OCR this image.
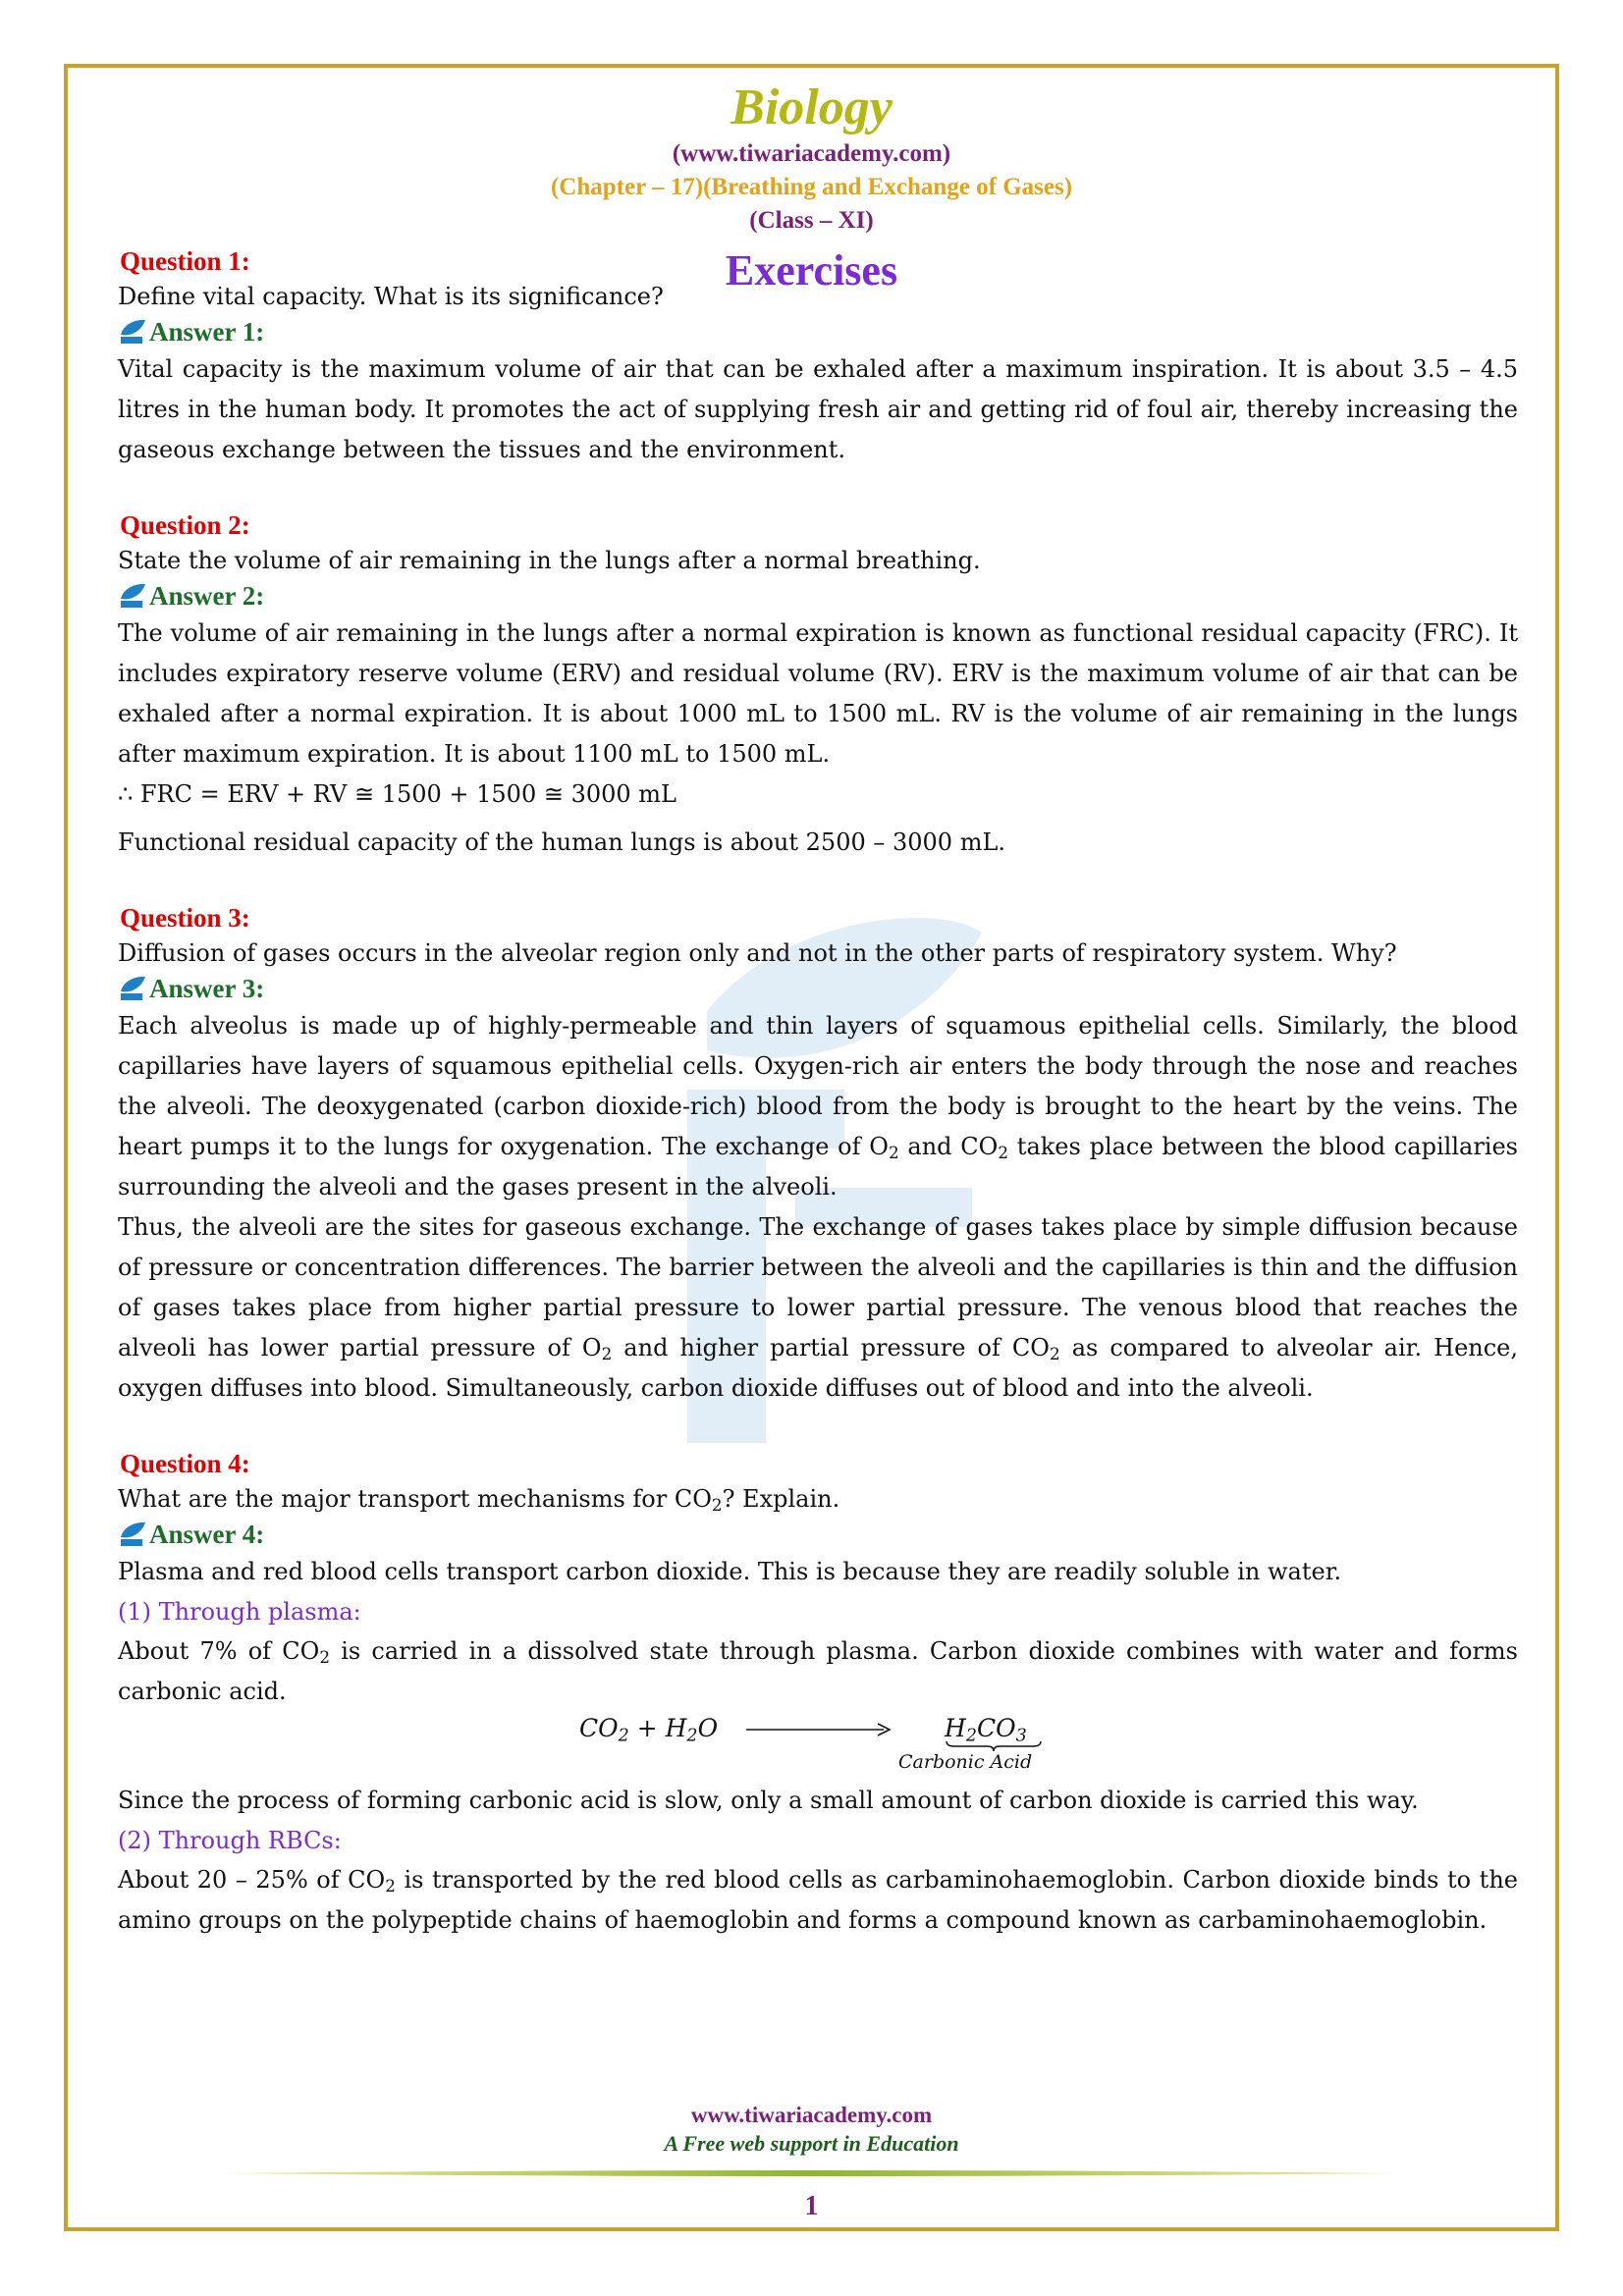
Biology
(www.tiwariacademy.com)
(Chapter – 17)(Breathing and Exchange of Gases)
(Class – XI)
Exercises
Question 1:
Define vital capacity. What is its significance?
Answer 1:
Vital capacity is the maximum volume of air that can be exhaled after a maximum inspiration. It is about 3.5 – 4.5 litres in the human body. It promotes the act of supplying fresh air and getting rid of foul air, thereby increasing the gaseous exchange between the tissues and the environment.
Question 2:
State the volume of air remaining in the lungs after a normal breathing.
Answer 2:
The volume of air remaining in the lungs after a normal expiration is known as functional residual capacity (FRC). It includes expiratory reserve volume (ERV) and residual volume (RV). ERV is the maximum volume of air that can be exhaled after a normal expiration. It is about 1000 mL to 1500 mL. RV is the volume of air remaining in the lungs after maximum expiration. It is about 1100 mL to 1500 mL.
∴ FRC = ERV + RV ≅ 1500 + 1500 ≅ 3000 mL
Functional residual capacity of the human lungs is about 2500 – 3000 mL.
Question 3:
Diffusion of gases occurs in the alveolar region only and not in the other parts of respiratory system. Why?
Answer 3:
Each alveolus is made up of highly-permeable and thin layers of squamous epithelial cells. Similarly, the blood capillaries have layers of squamous epithelial cells. Oxygen-rich air enters the body through the nose and reaches the alveoli. The deoxygenated (carbon dioxide-rich) blood from the body is brought to the heart by the veins. The heart pumps it to the lungs for oxygenation. The exchange of $O_2$ and $CO_2$ takes place between the blood capillaries surrounding the alveoli and the gases present in the alveoli.
Thus, the alveoli are the sites for gaseous exchange. The exchange of gases takes place by simple diffusion because of pressure or concentration differences. The barrier between the alveoli and the capillaries is thin and the diffusion of gases takes place from higher partial pressure to lower partial pressure. The venous blood that reaches the alveoli has lower partial pressure of $O_2$ and higher partial pressure of $CO_2$ as compared to alveolar air. Hence, oxygen diffuses into blood. Simultaneously, carbon dioxide diffuses out of blood and into the alveoli.
Question 4:
What are the major transport mechanisms for $CO_2$? Explain.
Answer 4:
Plasma and red blood cells transport carbon dioxide. This is because they are readily soluble in water.
(1) Through plasma:
About 7% of $CO_2$ is carried in a dissolved state through plasma. Carbon dioxide combines with water and forms carbonic acid.
$CO_2 + H_2O$	$H_2CO_3$
Carbonic Acid
Since the process of forming carbonic acid is slow, only a small amount of carbon dioxide is carried this way.
(2) Through RBCs:
About 20 – 25% of $CO_2$ is transported by the red blood cells as carbaminohaemoglobin. Carbon dioxide binds to the amino groups on the polypeptide chains of haemoglobin and forms a compound known as carbaminohaemoglobin.
www.tiwariacademy.com
A Free web support in Education
1
